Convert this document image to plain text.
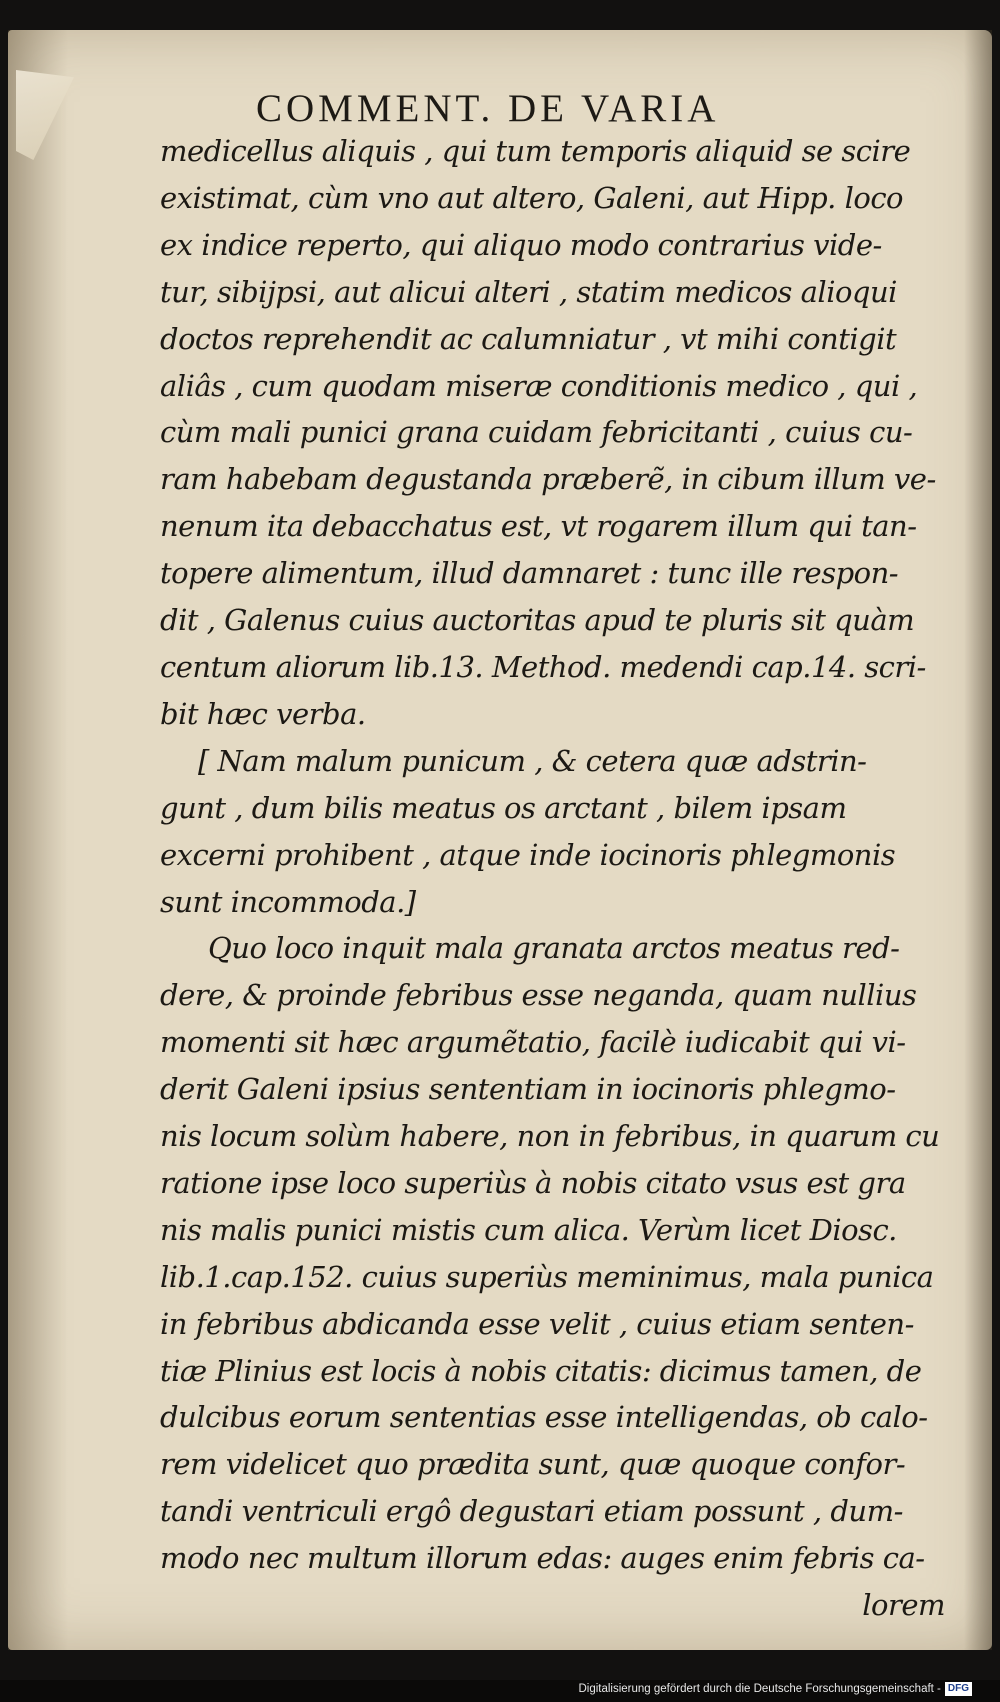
COMMENT. DE VARIA
medicellus aliquis , qui tum temporis aliquid se scire
existimat, cùm vno aut altero, Galeni, aut Hipp. loco
ex indice reperto, qui aliquo modo contrarius vide-
tur, sibijpsi, aut alicui alteri , statim medicos alioqui
doctos reprehendit ac calumniatur , vt mihi contigit
aliâs , cum quodam miseræ conditionis medico , qui ,
cùm mali punici grana cuidam febricitanti , cuius cu-
ram habebam degustanda præberẽ, in cibum illum ve-
nenum ita debacchatus est, vt rogarem illum qui tan-
topere alimentum, illud damnaret : tunc ille respon-
dit , Galenus cuius auctoritas apud te pluris sit quàm
centum aliorum lib.13. Method. medendi cap.14. scri-
bit hæc verba.
[ Nam malum punicum , & cetera quæ adstrin-
gunt , dum bilis meatus os arctant , bilem ipsam
excerni prohibent , atque inde iocinoris phlegmonis
sunt incommoda.]
Quo loco inquit mala granata arctos meatus red-
dere, & proinde febribus esse neganda, quam nullius
momenti sit hæc argumẽtatio, facilè iudicabit qui vi-
derit Galeni ipsius sententiam in iocinoris phlegmo-
nis locum solùm habere, non in febribus, in quarum cu
ratione ipse loco superiùs à nobis citato vsus est gra
nis malis punici mistis cum alica. Verùm licet Diosc.
lib.1.cap.152. cuius superiùs meminimus, mala punica
in febribus abdicanda esse velit , cuius etiam senten-
tiæ Plinius est locis à nobis citatis: dicimus tamen, de
dulcibus eorum sententias esse intelligendas, ob calo-
rem videlicet quo prædita sunt, quæ quoque confor-
tandi ventriculi ergô degustari etiam possunt , dum-
modo nec multum illorum edas: auges enim febris ca-
lorem
Digitalisierung gefördert durch die Deutsche Forschungsgemeinschaft - DFG
